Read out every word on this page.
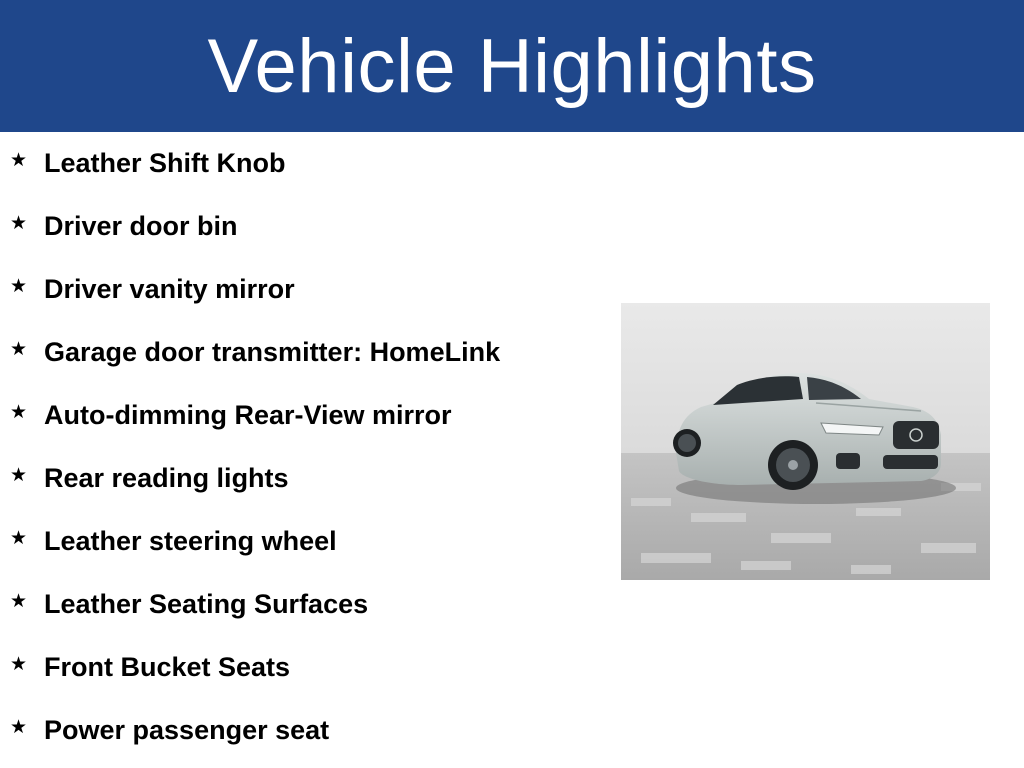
Vehicle Highlights
★ Leather Shift Knob
★ Driver door bin
★ Driver vanity mirror
★ Garage door transmitter: HomeLink
★ Auto-dimming Rear-View mirror
★ Rear reading lights
★ Leather steering wheel
★ Leather Seating Surfaces
★ Front Bucket Seats
★ Power passenger seat
